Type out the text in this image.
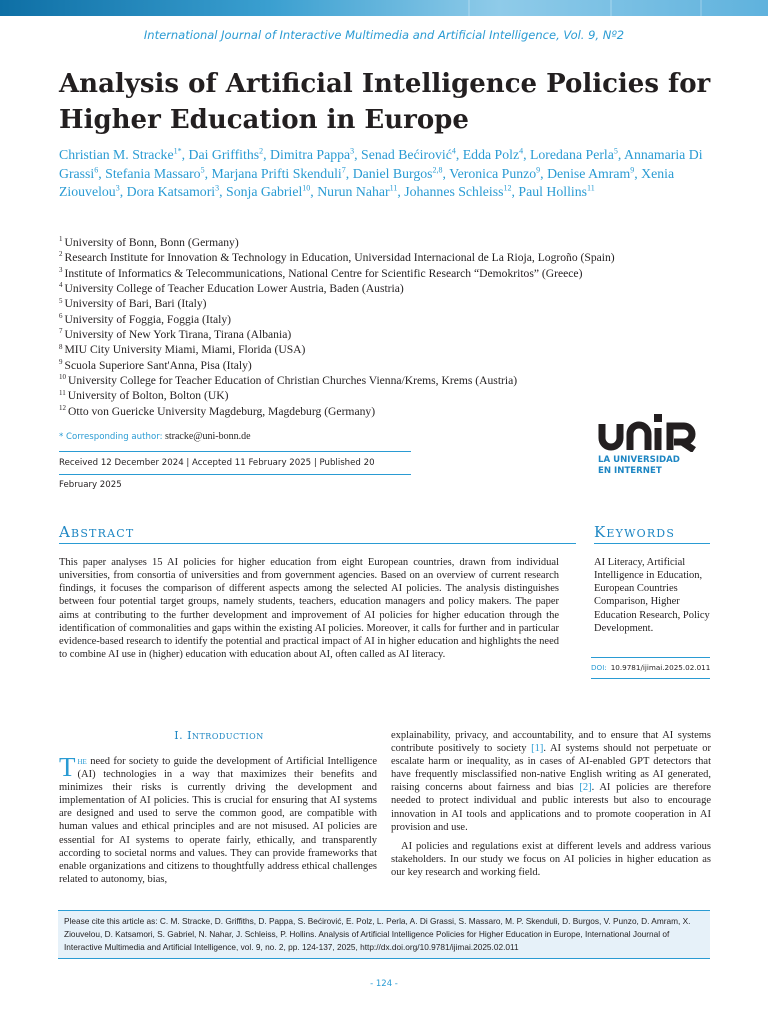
International Journal of Interactive Multimedia and Artificial Intelligence, Vol. 9, Nº2
Analysis of Artificial Intelligence Policies for Higher Education in Europe
Christian M. Stracke$^{1*}$, Dai Griffiths$^2$, Dimitra Pappa$^3$, Senad Bećirović$^4$, Edda Polz$^4$, Loredana Perla$^5$, Annamaria Di Grassi$^6$, Stefania Massaro$^5$, Marjana Prifti Skenduli$^7$, Daniel Burgos$^{2,8}$, Veronica Punzo$^9$, Denise Amram$^9$, Xenia Ziouvelou$^3$, Dora Katsamori$^3$, Sonja Gabriel$^{10}$, Nurun Nahar$^{11}$, Johannes Schleiss$^{12}$, Paul Hollins$^{11}$
$^1$ University of Bonn, Bonn (Germany)
$^2$ Research Institute for Innovation & Technology in Education, Universidad Internacional de La Rioja, Logroño (Spain)
$^3$ Institute of Informatics & Telecommunications, National Centre for Scientific Research “Demokritos” (Greece)
$^4$ University College of Teacher Education Lower Austria, Baden (Austria)
$^5$ University of Bari, Bari (Italy)
$^6$ University of Foggia, Foggia (Italy)
$^7$ University of New York Tirana, Tirana (Albania)
$^8$ MIU City University Miami, Miami, Florida (USA)
$^9$ Scuola Superiore Sant'Anna, Pisa (Italy)
$^{10}$ University College for Teacher Education of Christian Churches Vienna/Krems, Krems (Austria)
$^{11}$ University of Bolton, Bolton (UK)
$^{12}$ Otto von Guericke University Magdeburg, Magdeburg (Germany)
* Corresponding author: stracke@uni-bonn.de
Received 12 December 2024 | Accepted 11 February 2025 | Published 20 February 2025
LA UNIVERSIDAD
EN INTERNET
Abstract	Keywords

This paper analyses 15 AI policies for higher education from eight European countries, drawn from individual universities, from consortia of universities and from government agencies. Based on an overview of current research findings, it focuses the comparison of different aspects among the selected AI policies. The analysis distinguishes between four potential target groups, namely students, teachers, education managers and policy makers. The paper aims at contributing to the further development and improvement of AI policies for higher education through the identification of commonalities and gaps within the existing AI policies. Moreover, it calls for further and in particular evidence-based research to identify the potential and practical impact of AI in higher education and highlights the need to combine AI use in (higher) education with education about AI, often called as AI literacy.

AI Literacy, Artificial Intelligence in Education, European Countries Comparison, Higher Education Research, Policy Development.

DOI: 10.9781/ijimai.2025.02.011
I. Introduction
The need for society to guide the development of Artificial Intelligence (AI) technologies in a way that maximizes their benefits and minimizes their risks is currently driving the development and implementation of AI policies. This is crucial for ensuring that AI systems are designed and used to serve the common good, are compatible with human values and ethical principles and are not misused. AI policies are essential for AI systems to operate fairly, ethically, and transparently according to societal norms and values. They can provide frameworks that enable organizations and citizens to thoughtfully address ethical challenges related to autonomy, bias,

explainability, privacy, and accountability, and to ensure that AI systems contribute positively to society [1]. AI systems should not perpetuate or escalate harm or inequality, as in cases of AI-enabled GPT detectors that have frequently misclassified non-native English writing as AI generated, raising concerns about fairness and bias [2]. AI policies are therefore needed to protect individual and public interests but also to encourage innovation in AI tools and applications and to promote cooperation in AI provision and use.

AI policies and regulations exist at different levels and address various stakeholders. In our study we focus on AI policies in higher education as our key research and working field.

Please cite this article as: C. M. Stracke, D. Griffiths, D. Pappa, S. Bećirović, E. Polz, L. Perla, A. Di Grassi, S. Massaro, M. P. Skenduli, D. Burgos, V. Punzo, D. Amram, X. Ziouvelou, D. Katsamori, S. Gabriel, N. Nahar, J. Schleiss, P. Hollins. Analysis of Artificial Intelligence Policies for Higher Education in Europe, International Journal of Interactive Multimedia and Artificial Intelligence, vol. 9, no. 2, pp. 124-137, 2025, http://dx.doi.org/10.9781/ijimai.2025.02.011
- 124 -
